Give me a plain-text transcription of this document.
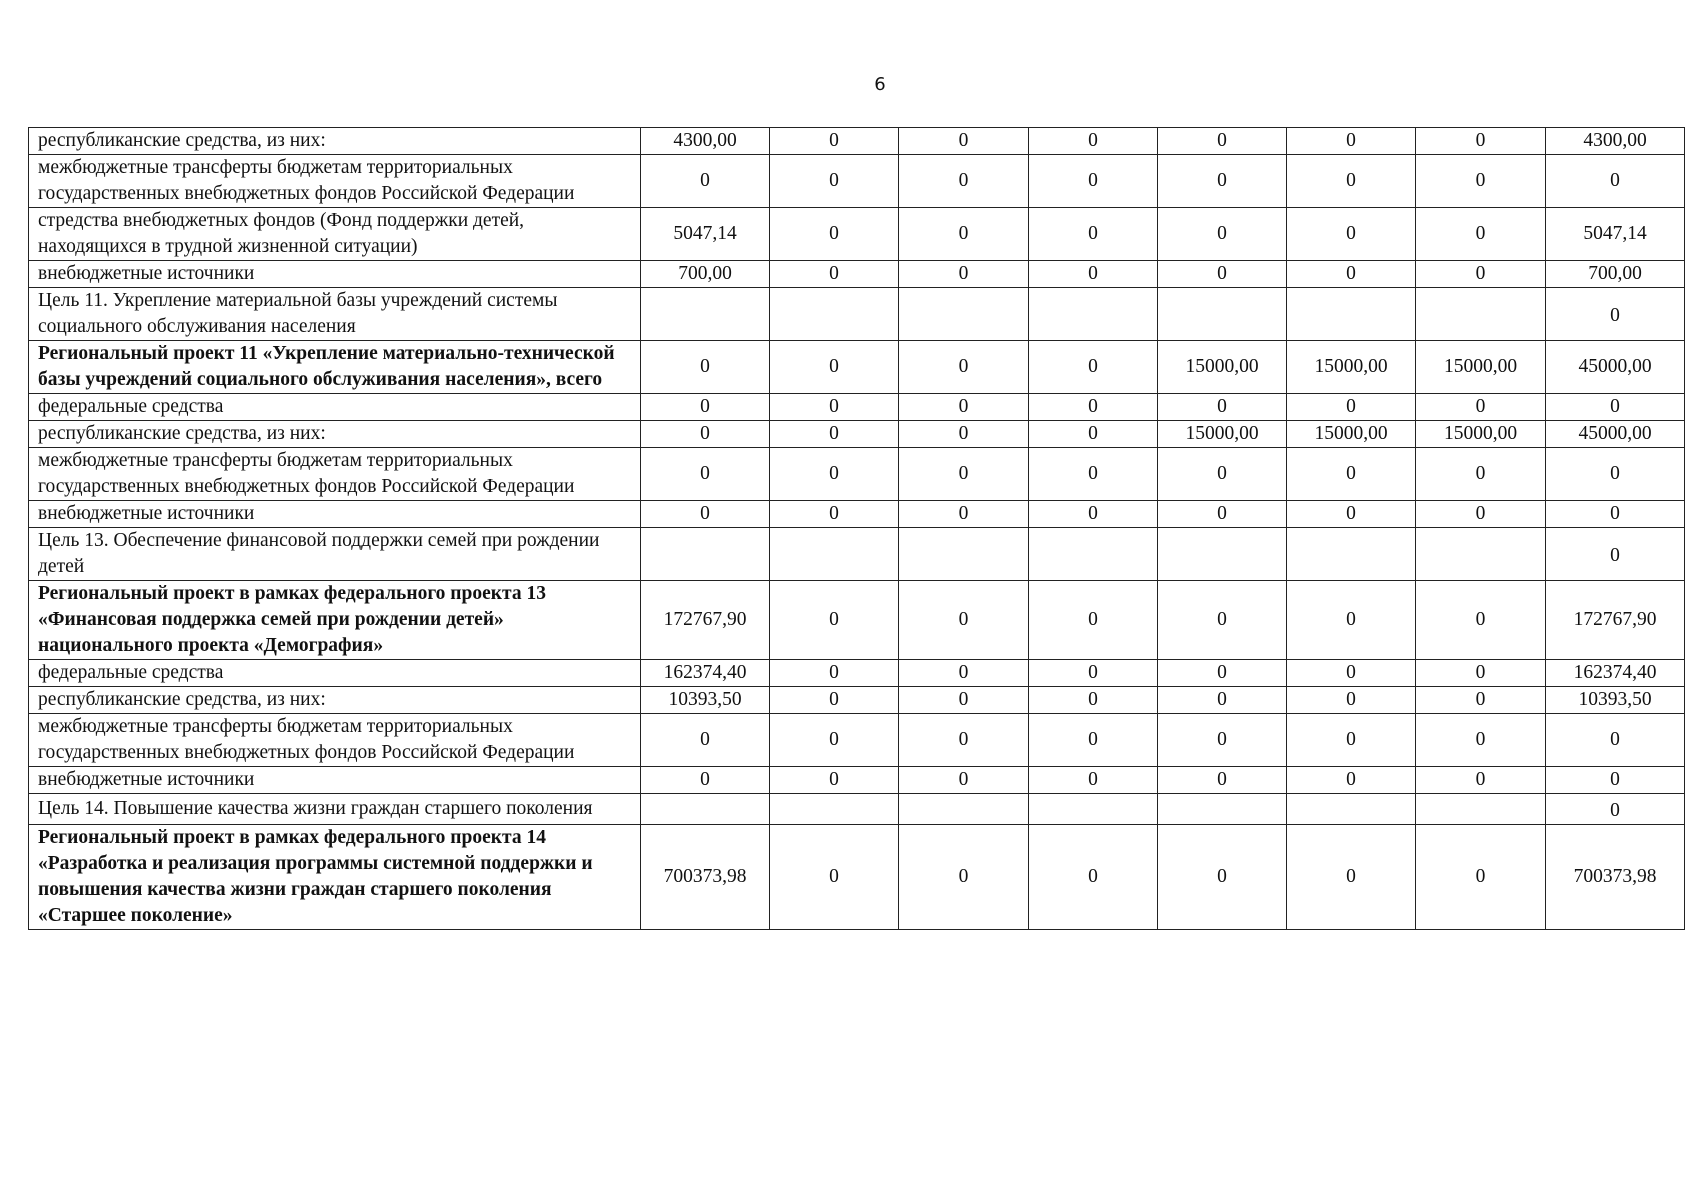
6
республиканские средства, из них:	4300,00	0	0	0	0	0	0	4300,00
межбюджетные трансферты бюджетам территориальных государственных внебюджетных фондов Российской Федерации	0	0	0	0	0	0	0	0
стредства внебюджетных фондов (Фонд поддержки детей, находящихся в трудной жизненной ситуации)	5047,14	0	0	0	0	0	0	5047,14
внебюджетные источники	700,00	0	0	0	0	0	0	700,00
Цель 11. Укрепление материальной базы учреждений системы социального обслуживания населения								0
Региональный проект 11 «Укрепление материально-технической базы учреждений социального обслуживания населения», всего	0	0	0	0	15000,00	15000,00	15000,00	45000,00
федеральные средства	0	0	0	0	0	0	0	0
республиканские средства, из них:	0	0	0	0	15000,00	15000,00	15000,00	45000,00
межбюджетные трансферты бюджетам территориальных государственных внебюджетных фондов Российской Федерации	0	0	0	0	0	0	0	0
внебюджетные источники	0	0	0	0	0	0	0	0
Цель 13. Обеспечение финансовой поддержки семей при рождении детей								0
Региональный проект в рамках федерального проекта 13 «Финансовая поддержка семей при рождении детей» национального проекта «Демография»	172767,90	0	0	0	0	0	0	172767,90
федеральные средства	162374,40	0	0	0	0	0	0	162374,40
республиканские средства, из них:	10393,50	0	0	0	0	0	0	10393,50
межбюджетные трансферты бюджетам территориальных государственных внебюджетных фондов Российской Федерации	0	0	0	0	0	0	0	0
внебюджетные источники	0	0	0	0	0	0	0	0
Цель 14. Повышение качества жизни граждан старшего поколения								0
Региональный проект в рамках федерального проекта 14 «Разработка и реализация программы системной поддержки и повышения качества жизни граждан старшего поколения «Старшее поколение»	700373,98	0	0	0	0	0	0	700373,98
